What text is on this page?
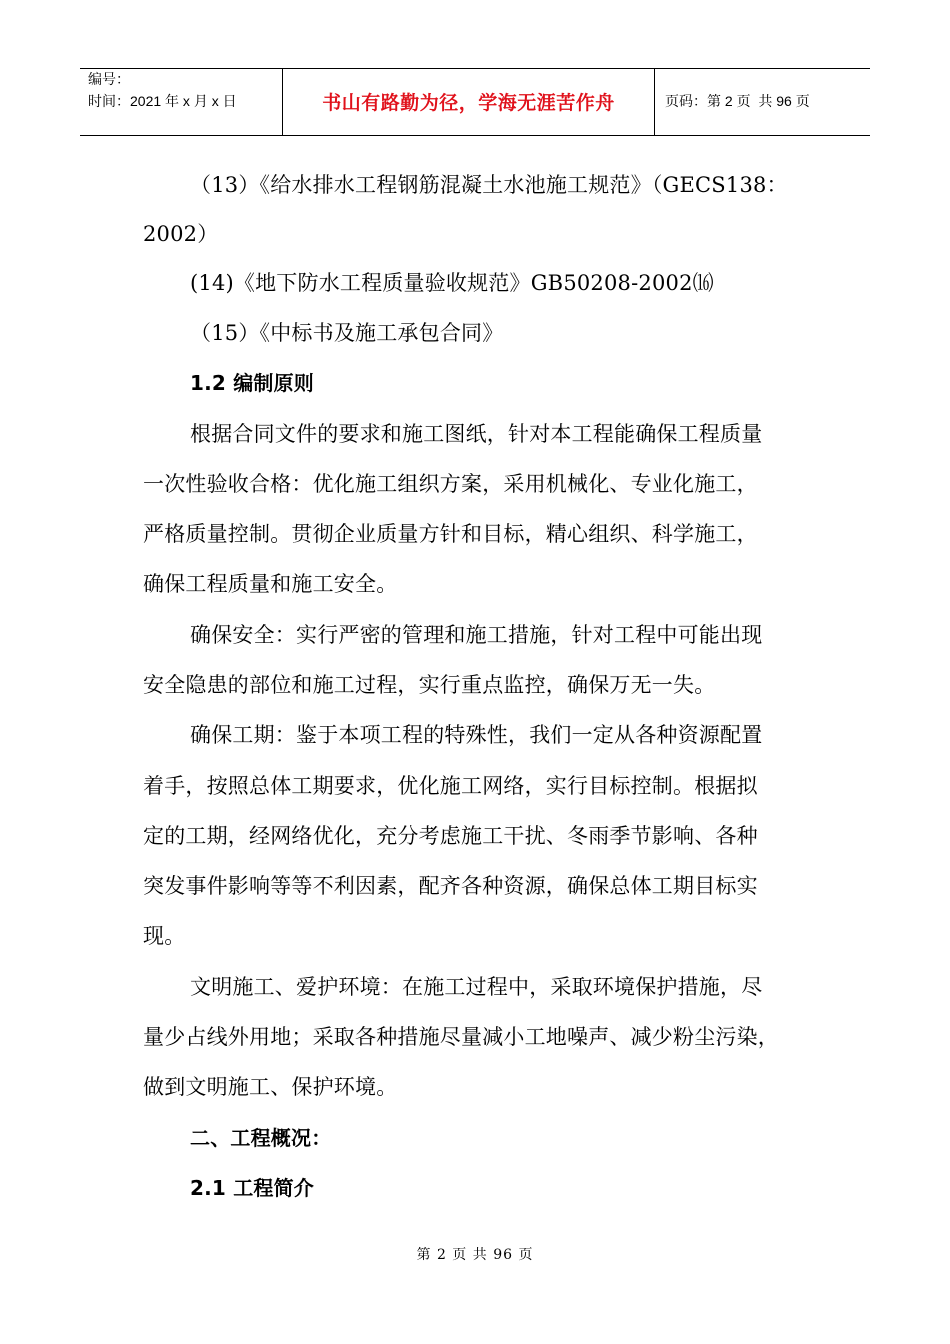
编号：
时间：2021 年 x 月 x 日	书山有路勤为径，学海无涯苦作舟	页码：第 2 页  共 96 页
（13）《给水排水工程钢筋混凝土水池施工规范》（GECS138：
2002）
(14)《地下防水工程质量验收规范》GB50208-2002⒃
（15）《中标书及施工承包合同》
1.2 编制原则
根据合同文件的要求和施工图纸，针对本工程能确保工程质量
一次性验收合格：优化施工组织方案，采用机械化、专业化施工，
严格质量控制。贯彻企业质量方针和目标，精心组织、科学施工，
确保工程质量和施工安全。
确保安全：实行严密的管理和施工措施，针对工程中可能出现
安全隐患的部位和施工过程，实行重点监控，确保万无一失。
确保工期：鉴于本项工程的特殊性，我们一定从各种资源配置
着手，按照总体工期要求，优化施工网络，实行目标控制。根据拟
定的工期，经网络优化，充分考虑施工干扰、冬雨季节影响、各种
突发事件影响等等不利因素，配齐各种资源，确保总体工期目标实
现。
文明施工、爱护环境：在施工过程中，采取环境保护措施，尽
量少占线外用地；采取各种措施尽量减小工地噪声、减少粉尘污染，
做到文明施工、保护环境。
二、工程概况：
2.1 工程简介
第 2 页 共 96 页
